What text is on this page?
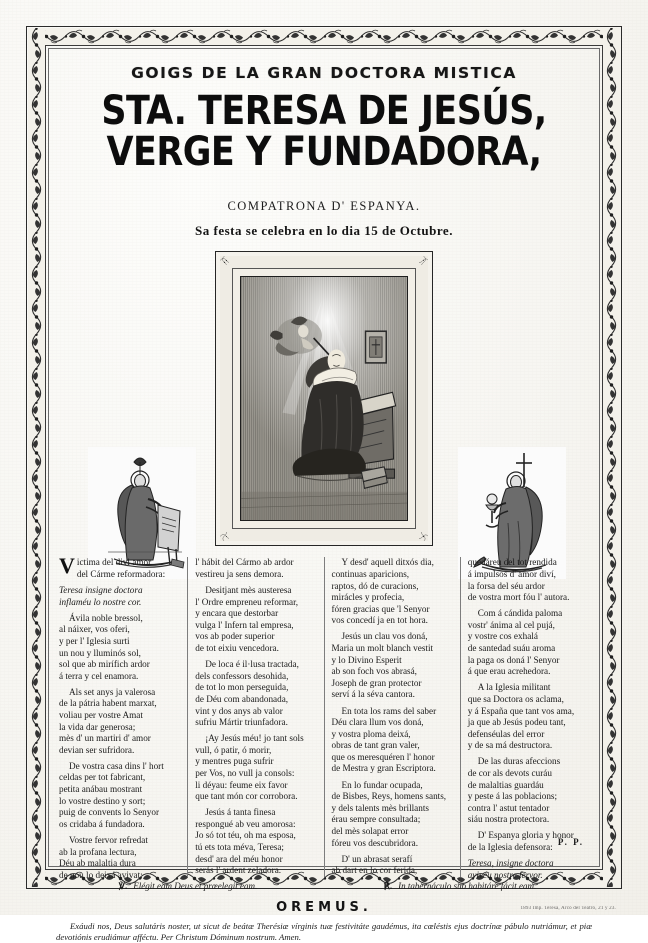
GOIGS DE LA GRAN DOCTORA MISTICA
STA. TERESA DE JESÚS, VERGE Y FUNDADORA,
COMPATRONA D' ESPANYA.
Sa festa se celebra en lo dia 15 de Octubre.
V ictima del divi amor

del Cárme reformadora:

Teresa insigne doctora

inflaméu lo nostre cor.

Ávila noble bressol,

al náixer, vos oferi,

y per l' Iglesia surti

un nou y lluminós sol,

sol que ab mirífich ardor

á terra y cel enamora.

Als set anys ja valerosa

de la pátria habent marxat,

voliau per vostre Amat

la vida dar generosa;

mès d' un martiri d' amor

devian ser sufridora.

De vostra casa dins l' hort

celdas per tot fabricant,

petita anábau mostrant

lo vostre destino y sort;

puig de convents lo Senyor

os cridaba á fundadora.

Vostre fervor refredat

ab la profana lectura,

Déu ab malaltia dura

de nou lo deixá avivat;

l' hábit del Cármo ab ardor

vestireu ja sens demora.

Desitjant mès austeresa

l' Ordre empreneu reformar,

y encara que destorbar

vulga l' Infern tal empresa,

vos ab poder superior

de tot eixiu vencedora.

De loca é il·lusa tractada,

dels confessors desohida,

de tot lo mon perseguida,

de Déu com abandonada,

vint y dos anys ab valor

sufriu Mártir triunfadora.

¡Ay Jesús méu! jo tant sols

vull, ó patir, ó morir,

y mentres puga sufrir

per Vos, no vull ja consols:

li déyau: feume eix favor

que tant món cor corrobora.

Jesús á tanta finesa

respongué ab veu amorosa:

Jo só tot téu, oh ma esposa,

tú ets tota méva, Teresa;

desd' ara del méu honor

serás l' ardent zeladora.

Y desd' aquell ditxós dia,

continuas aparicions,

raptos, dó de curacions,

mirácles y profecia,

fóren gracias que 'l Senyor

vos concedí ja en tot hora.

Jesús un clau vos doná,

Maria un molt blanch vestit

y lo Divino Esperit

ab son foch vos abrasá,

Joseph de gran protector

serví á la séva cantora.

En tota los rams del saber

Déu clara llum vos doná,

y vostra ploma deixá,

obras de tant gran valer,

que os meresquéren l' honor

de Mestra y gran Escriptora.

En lo fundar ocupada,

de Bisbes, Reys, homens sants,

y dels talents mès brillants

érau sempre consultada;

del mès solapat error

fóreu vos descubridora.

D' un abrasat serafí

ab dart en lo cor ferida,

quedáreu del tot rendida

á impulsos d' amor diví,

la forsa del séu ardor

de vostra mort fóu l' autora.

Com á cándida paloma

vostr' ánima al cel pujá,

y vostre cos exhalá

de santedad suáu aroma

la paga os doná l' Senyor

á que erau acrehedora.

A la Iglesia militant

que sa Doctora os aclama,

y á España que tant vos ama,

ja que ab Jesús podeu tant,

defenséulas del error

y de sa má destructora.

De las duras afeccions

de cor als devots curáu

de malaltias guardáu

y peste á las poblacions;

contra l' astut tentador

siáu nostra protectora.

D' Espanya gloria y honor

de la Iglesia defensora:

Teresa, insigne doctora

avivéu nostre fervor.

℣. Elégit eam Deus et prœelegit eam.	℟. In tabernáculo suo habitáre fácit eam.
OREMUS.
Exáudi nos, Deus salutáris noster, ut sicut de beátæ Therésiæ vírginis tuæ festivitáte gaudémus, ita cœléstis ejus doctrínæ pábulo nutriámur, et piæ devotiónis erudiámur afféctu. Per Christum Dóminum nostrum. Amen.
P. P.
1893 Imp. Teresa, Arco del Teatro, 21 y 23.
